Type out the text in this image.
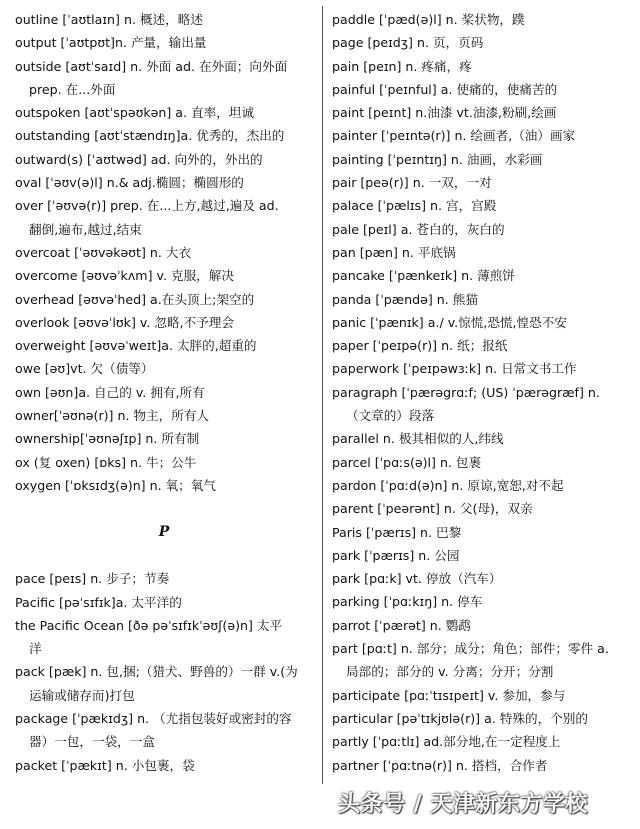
outline [ˈaʊtlaɪn] n. 概述，略述
output [ˈaʊtpʊt]n. 产量，输出量
outside [aʊtˈsaɪd] n. 外面 ad. 在外面；向外面
prep. 在...外面
outspoken [aʊtˈspəʊkən] a. 直率，坦诚
outstanding [aʊtˈstændɪŋ]a. 优秀的，杰出的
outward(s) [ˈaʊtwəd] ad. 向外的，外出的
oval [ˈəʊv(ə)l] n.& adj.椭圆；椭圆形的
over [ˈəʊvə(r)] prep. 在...上方,越过,遍及 ad.
翻倒,遍布,越过,结束
overcoat [ˈəʊvəkəʊt] n. 大衣
overcome [əʊvəˈkʌm] v. 克服，解决
overhead [əʊvəˈhed] a.在头顶上;架空的
overlook [əʊvəˈlʊk] v. 忽略,不予理会
overweight [əʊvəˈweɪt]a. 太胖的,超重的
owe [əʊ]vt. 欠（债等）
own [əʊn]a. 自己的 v. 拥有,所有
owner[ˈəʊnə(r)] n. 物主，所有人
ownership[ˈəʊnəʃɪp] n. 所有制
ox (复 oxen) [ɒks] n. 牛；公牛
oxygen [ˈɒksɪdʒ(ə)n] n. 氧；氧气
P
pace [peɪs] n. 步子；节奏
Pacific [pəˈsɪfɪk]a. 太平洋的
the Pacific Ocean [ðə pəˈsɪfɪkˈəʊʃ(ə)n] 太平
洋
pack [pæk] n. 包,捆;（猎犬、野兽的）一群 v.(为
运输或储存而)打包
package [ˈpækɪdʒ] n. （尤指包装好或密封的容
器）一包，一袋，一盒
packet [ˈpækɪt] n. 小包裹，袋
paddle [ˈpæd(ə)l] n. 桨状物，蹼
page [peɪdʒ] n. 页，页码
pain [peɪn] n. 疼痛，疼
painful [ˈpeɪnful] a. 使痛的，使痛苦的
paint [peɪnt] n.油漆 vt.油漆,粉刷,绘画
painter [ˈpeɪntə(r)] n. 绘画者,（油）画家
painting [ˈpeɪntɪŋ] n. 油画，水彩画
pair [peə(r)] n. 一双，一对
palace [ˈpælɪs] n. 宫，宫殿
pale [peɪl] a. 苍白的，灰白的
pan [pæn] n. 平底锅
pancake [ˈpænkeɪk] n. 薄煎饼
panda [ˈpændə] n. 熊猫
panic [ˈpænɪk] a./ v.惊慌,恐慌,惶恐不安
paper [ˈpeɪpə(r)] n. 纸；报纸
paperwork [ˈpeɪpəwɜːk] n. 日常文书工作
paragraph [ˈpærəgrɑːf; (US) ˈpærəgræf] n.
（文章的）段落
parallel n. 极其相似的人,纬线
parcel [ˈpɑːs(ə)l] n. 包裹
pardon [ˈpɑːd(ə)n] n. 原谅,宽恕,对不起
parent [ˈpeərənt] n. 父(母)，双亲
Paris [ˈpærɪs] n. 巴黎
park [ˈpærɪs] n. 公园
park [pɑːk] vt. 停放（汽车）
parking [ˈpɑːkɪŋ] n. 停车
parrot [ˈpærət] n. 鹦鹉
part [pɑːt] n. 部分；成分；角色；部件；零件 a.
局部的；部分的 v. 分离；分开；分割
participate [pɑːˈtɪsɪpeɪt] v. 参加，参与
particular [pəˈtɪkjʊlə(r)] a. 特殊的，个别的
partly [ˈpɑːtlɪ] ad.部分地,在一定程度上
partner [ˈpɑːtnə(r)] n. 搭档，合作者
头条号 / 天津新东方学校
